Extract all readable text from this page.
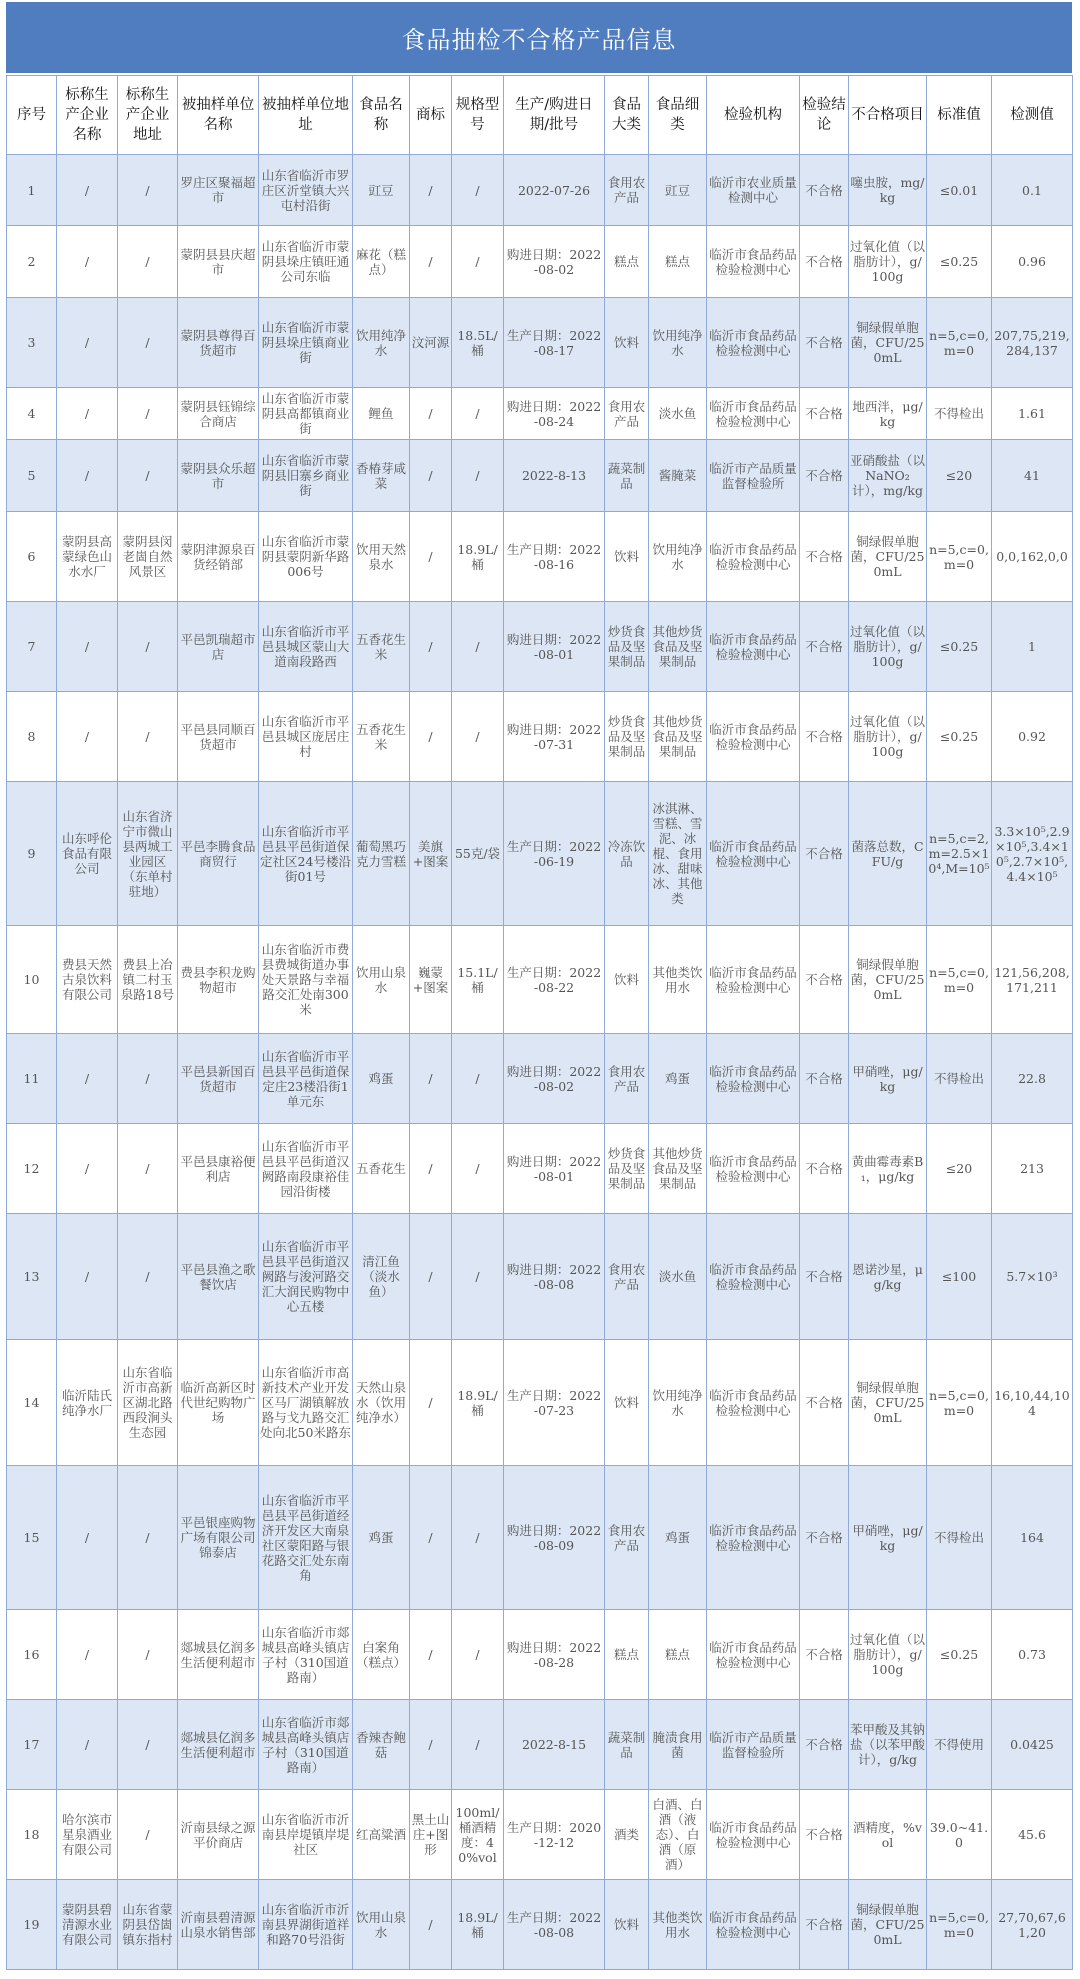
食品抽检不合格产品信息
序号	标称生产企业名称	标称生产企业地址	被抽样单位名称	被抽样单位地址	食品名称	商标	规格型号	生产/购进日期/批号	食品大类	食品细类	检验机构	检验结论	不合格项目	标准值	检测值

1	/	/	罗庄区聚福超市	山东省临沂市罗庄区沂堂镇大兴屯村沿街	豇豆	/	/	2022-07-26	食用农产品	豇豆	临沂市农业质量检测中心	不合格	噻虫胺，mg/kg	≤0.01	0.1

2	/	/	蒙阴县县庆超市	山东省临沂市蒙阴县垛庄镇旺通公司东临	麻花（糕点）	/	/	购进日期：2022-08-02	糕点	糕点	临沂市食品药品检验检测中心	不合格	过氧化值（以脂肪计），g/100g	≤0.25	0.96

3	/	/	蒙阴县尊得百货超市	山东省临沂市蒙阴县垛庄镇商业街	饮用纯净水	汶河源	18.5L/桶	生产日期：2022-08-17	饮料	饮用纯净水	临沂市食品药品检验检测中心	不合格	铜绿假单胞菌，CFU/250mL	n=5,c=0,m=0	207,75,219,284,137

4	/	/	蒙阴县钰锦综合商店	山东省临沂市蒙阴县高都镇商业街	鲤鱼	/	/	购进日期：2022-08-24	食用农产品	淡水鱼	临沂市食品药品检验检测中心	不合格	地西泮，μg/kg	不得检出	1.61

5	/	/	蒙阴县众乐超市	山东省临沂市蒙阴县旧寨乡商业街	香椿芽咸菜	/	/	2022-8-13	蔬菜制品	酱腌菜	临沂市产品质量监督检验所	不合格	亚硝酸盐（以NaNO₂计），mg/kg	≤20	41

6	蒙阴县高蒙绿色山水水厂	蒙阴县闵老崮自然风景区	蒙阴津源泉百货经销部	山东省临沂市蒙阴县蒙阴新华路006号	饮用天然泉水	/	18.9L/桶	生产日期：2022-08-16	饮料	饮用纯净水	临沂市食品药品检验检测中心	不合格	铜绿假单胞菌，CFU/250mL	n=5,c=0,m=0	0,0,162,0,0

7	/	/	平邑凯瑞超市店	山东省临沂市平邑县城区蒙山大道南段路西	五香花生米	/	/	购进日期：2022-08-01	炒货食品及坚果制品	其他炒货食品及坚果制品	临沂市食品药品检验检测中心	不合格	过氧化值（以脂肪计），g/100g	≤0.25	1

8	/	/	平邑县同顺百货超市	山东省临沂市平邑县城区庞居庄村	五香花生米	/	/	购进日期：2022-07-31	炒货食品及坚果制品	其他炒货食品及坚果制品	临沂市食品药品检验检测中心	不合格	过氧化值（以脂肪计），g/100g	≤0.25	0.92

9	山东呼伦食品有限公司	山东省济宁市微山县两城工业园区（东单村驻地）	平邑李腾食品商贸行	山东省临沂市平邑县平邑街道保定社区24号楼沿街01号	葡萄黑巧克力雪糕	美旗+图案	55克/袋	生产日期：2022-06-19	冷冻饮品	冰淇淋、雪糕、雪泥、冰棍、食用冰、甜味冰、其他类	临沂市食品药品检验检测中心	不合格	菌落总数，CFU/g	n=5,c=2,m=2.5×10⁴,M=10⁵	3.3×10⁵,2.9×10⁵,3.4×10⁵,2.7×10⁵,4.4×10⁵

10	费县天然古泉饮料有限公司	费县上冶镇二村玉泉路18号	费县李积龙购物超市	山东省临沂市费县费城街道办事处天景路与幸福路交汇处南300米	饮用山泉水	巍蒙+图案	15.1L/桶	生产日期：2022-08-22	饮料	其他类饮用水	临沂市食品药品检验检测中心	不合格	铜绿假单胞菌，CFU/250mL	n=5,c=0,m=0	121,56,208,171,211

11	/	/	平邑县新国百货超市	山东省临沂市平邑县平邑街道保定庄23楼沿街1单元东	鸡蛋	/	/	购进日期：2022-08-02	食用农产品	鸡蛋	临沂市食品药品检验检测中心	不合格	甲硝唑，μg/kg	不得检出	22.8

12	/	/	平邑县康裕便利店	山东省临沂市平邑县平邑街道汉阙路南段康裕佳园沿街楼	五香花生	/	/	购进日期：2022-08-01	炒货食品及坚果制品	其他炒货食品及坚果制品	临沂市食品药品检验检测中心	不合格	黄曲霉毒素B₁，μg/kg	≤20	213

13	/	/	平邑县渔之歌餐饮店	山东省临沂市平邑县平邑街道汉阙路与浚河路交汇大润民购物中心五楼	清江鱼（淡水鱼）	/	/	购进日期：2022-08-08	食用农产品	淡水鱼	临沂市食品药品检验检测中心	不合格	恩诺沙星，μg/kg	≤100	5.7×10³

14	临沂陆氏纯净水厂	山东省临沂市高新区湖北路西段涧头生态园	临沂高新区时代世纪购物广场	山东省临沂市高新技术产业开发区马厂湖镇解放路与戈九路交汇处向北50米路东	天然山泉水（饮用纯净水）	/	18.9L/桶	生产日期：2022-07-23	饮料	饮用纯净水	临沂市食品药品检验检测中心	不合格	铜绿假单胞菌，CFU/250mL	n=5,c=0,m=0	16,10,44,104

15	/	/	平邑银座购物广场有限公司锦泰店	山东省临沂市平邑县平邑街道经济开发区大南泉社区蒙阳路与银花路交汇处东南角	鸡蛋	/	/	购进日期：2022-08-09	食用农产品	鸡蛋	临沂市食品药品检验检测中心	不合格	甲硝唑，μg/kg	不得检出	164

16	/	/	郯城县亿润多生活便利超市	山东省临沂市郯城县高峰头镇店子村（310国道路南）	白案角（糕点）	/	/	购进日期：2022-08-28	糕点	糕点	临沂市食品药品检验检测中心	不合格	过氧化值（以脂肪计），g/100g	≤0.25	0.73

17	/	/	郯城县亿润多生活便利超市	山东省临沂市郯城县高峰头镇店子村（310国道路南）	香辣杏鲍菇	/	/	2022-8-15	蔬菜制品	腌渍食用菌	临沂市产品质量监督检验所	不合格	苯甲酸及其钠盐（以苯甲酸计），g/kg	不得使用	0.0425

18	哈尔滨市星泉酒业有限公司	/	沂南县绿之源平价商店	山东省临沂市沂南县岸堤镇岸堤社区	红高粱酒	黑土山庄+图形	100ml/桶酒精度：40%vol	生产日期：2020-12-12	酒类	白酒、白酒（液态）、白酒（原酒）	临沂市食品药品检验检测中心	不合格	酒精度，%vol	39.0~41.0	45.6

19	蒙阴县碧清源水业有限公司	山东省蒙阴县岱崮镇东指村	沂南县碧清源山泉水销售部	山东省临沂市沂南县界湖街道祥和路70号沿街	饮用山泉水	/	18.9L/桶	生产日期：2022-08-08	饮料	其他类饮用水	临沂市食品药品检验检测中心	不合格	铜绿假单胞菌，CFU/250mL	n=5,c=0,m=0	27,70,67,61,20
